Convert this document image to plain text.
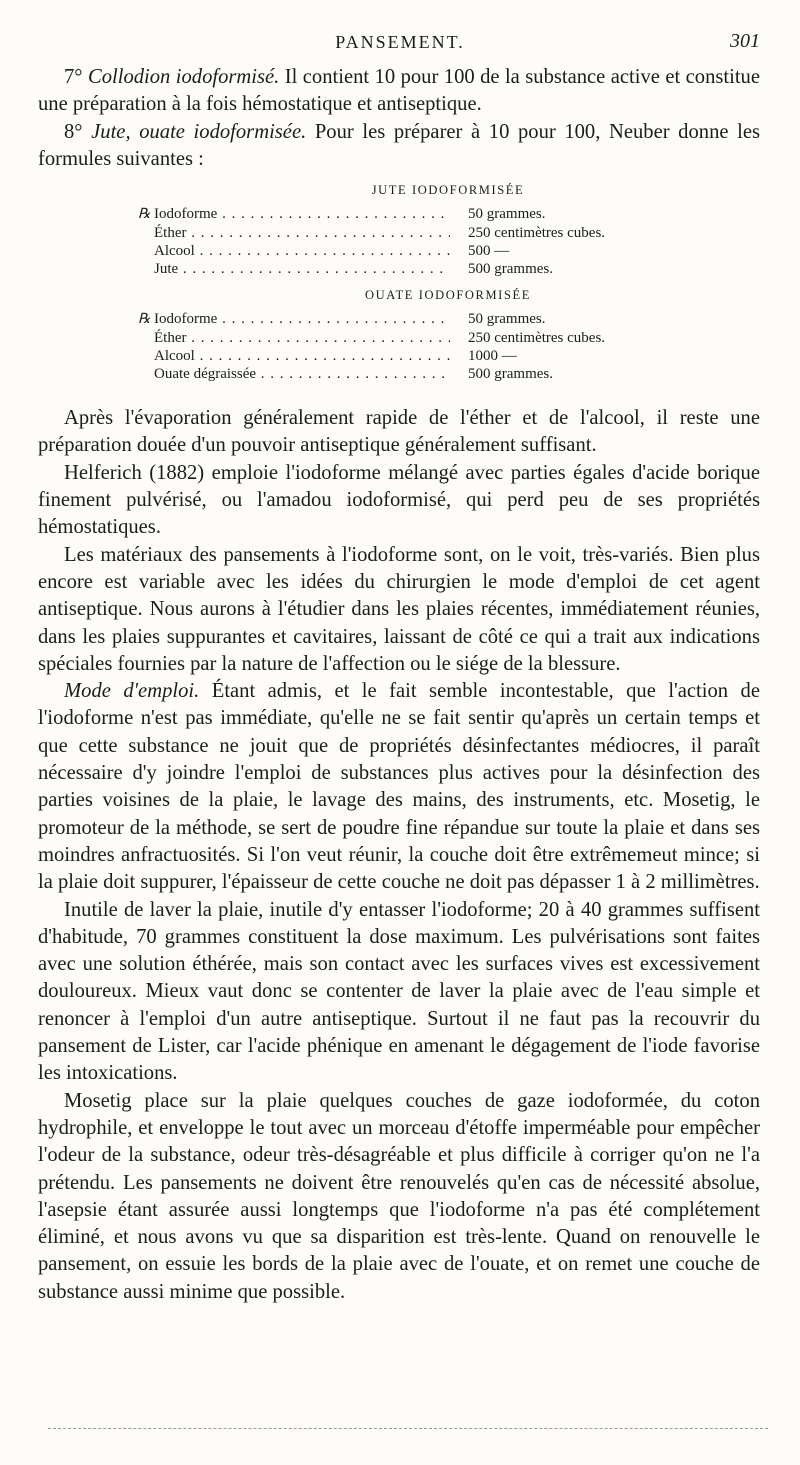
PANSEMENT.	301

7° Collodion iodoformisé. Il contient 10 pour 100 de la substance active et constitue une préparation à la fois hémostatique et antiseptique.

8° Jute, ouate iodoformisée. Pour les préparer à 10 pour 100, Neuber donne les formules suivantes :

JUTE IODOFORMISÉE
℞ Iodoforme . . .	50 grammes.
Éther . . .	250 centimètres cubes.
Alcool . . .	500 —
Jute . . .	500 grammes.
OUATE IODOFORMISÉE
℞ Iodoforme . . .	50 grammes.
Éther . . .	250 centimètres cubes.
Alcool . . .	1000 —
Ouate dégraissée . . .	500 grammes.

Après l'évaporation généralement rapide de l'éther et de l'alcool, il reste une préparation douée d'un pouvoir antiseptique généralement suffisant.

Helferich (1882) emploie l'iodoforme mélangé avec parties égales d'acide borique finement pulvérisé, ou l'amadou iodoformisé, qui perd peu de ses propriétés hémostatiques.

Les matériaux des pansements à l'iodoforme sont, on le voit, très-variés. Bien plus encore est variable avec les idées du chirurgien le mode d'emploi de cet agent antiseptique. Nous aurons à l'étudier dans les plaies récentes, immédiatement réunies, dans les plaies suppurantes et cavitaires, laissant de côté ce qui a trait aux indications spéciales fournies par la nature de l'affection ou le siége de la blessure.

Mode d'emploi. Étant admis, et le fait semble incontestable, que l'action de l'iodoforme n'est pas immédiate, qu'elle ne se fait sentir qu'après un certain temps et que cette substance ne jouit que de propriétés désinfectantes médiocres, il paraît nécessaire d'y joindre l'emploi de substances plus actives pour la désinfection des parties voisines de la plaie, le lavage des mains, des instruments, etc. Mosetig, le promoteur de la méthode, se sert de poudre fine répandue sur toute la plaie et dans ses moindres anfractuosités. Si l'on veut réunir, la couche doit être extrêmemeut mince; si la plaie doit suppurer, l'épaisseur de cette couche ne doit pas dépasser 1 à 2 millimètres.

Inutile de laver la plaie, inutile d'y entasser l'iodoforme; 20 à 40 grammes suffisent d'habitude, 70 grammes constituent la dose maximum. Les pulvérisations sont faites avec une solution éthérée, mais son contact avec les surfaces vives est excessivement douloureux. Mieux vaut donc se contenter de laver la plaie avec de l'eau simple et renoncer à l'emploi d'un autre antiseptique. Surtout il ne faut pas la recouvrir du pansement de Lister, car l'acide phénique en amenant le dégagement de l'iode favorise les intoxications.

Mosetig place sur la plaie quelques couches de gaze iodoformée, du coton hydrophile, et enveloppe le tout avec un morceau d'étoffe imperméable pour empêcher l'odeur de la substance, odeur très-désagréable et plus difficile à corriger qu'on ne l'a prétendu. Les pansements ne doivent être renouvelés qu'en cas de nécessité absolue, l'asepsie étant assurée aussi longtemps que l'iodoforme n'a pas été complétement éliminé, et nous avons vu que sa disparition est très-lente. Quand on renouvelle le pansement, on essuie les bords de la plaie avec de l'ouate, et on remet une couche de substance aussi minime que possible.
